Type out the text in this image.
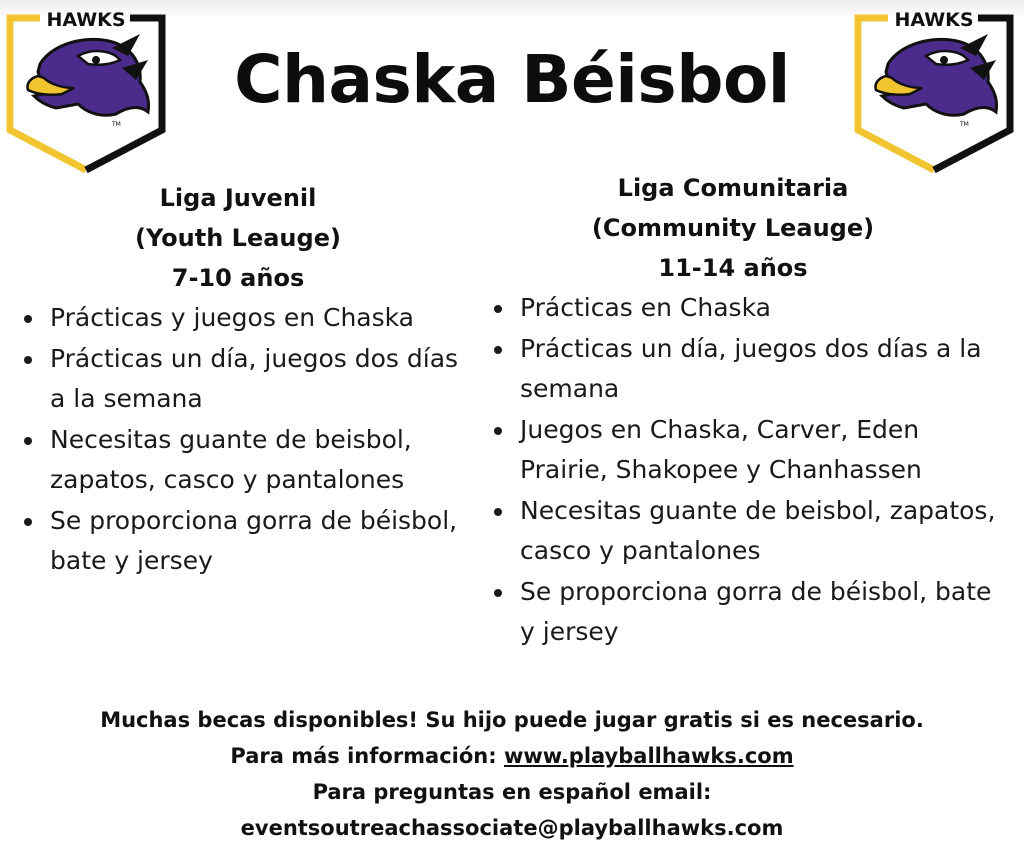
HAWKS
TM
Chaska Béisbol
HAWKS
TM
Liga Juvenil
(Youth Leauge)
7-10 años
Prácticas y juegos en Chaska
Prácticas un día, juegos dos días a la semana
Necesitas guante de beisbol, zapatos, casco y pantalones
Se proporciona gorra de béisbol, bate y jersey
Liga Comunitaria
(Community Leauge)
11-14 años
Prácticas en Chaska
Prácticas un día, juegos dos días a la semana
Juegos en Chaska, Carver, Eden Prairie, Shakopee y Chanhassen
Necesitas guante de beisbol, zapatos, casco y pantalones
Se proporciona gorra de béisbol, bate y jersey
Muchas becas disponibles! Su hijo puede jugar gratis si es necesario.
Para más información: www.playballhawks.com
Para preguntas en español email:
eventsoutreachassociate@playballhawks.com
